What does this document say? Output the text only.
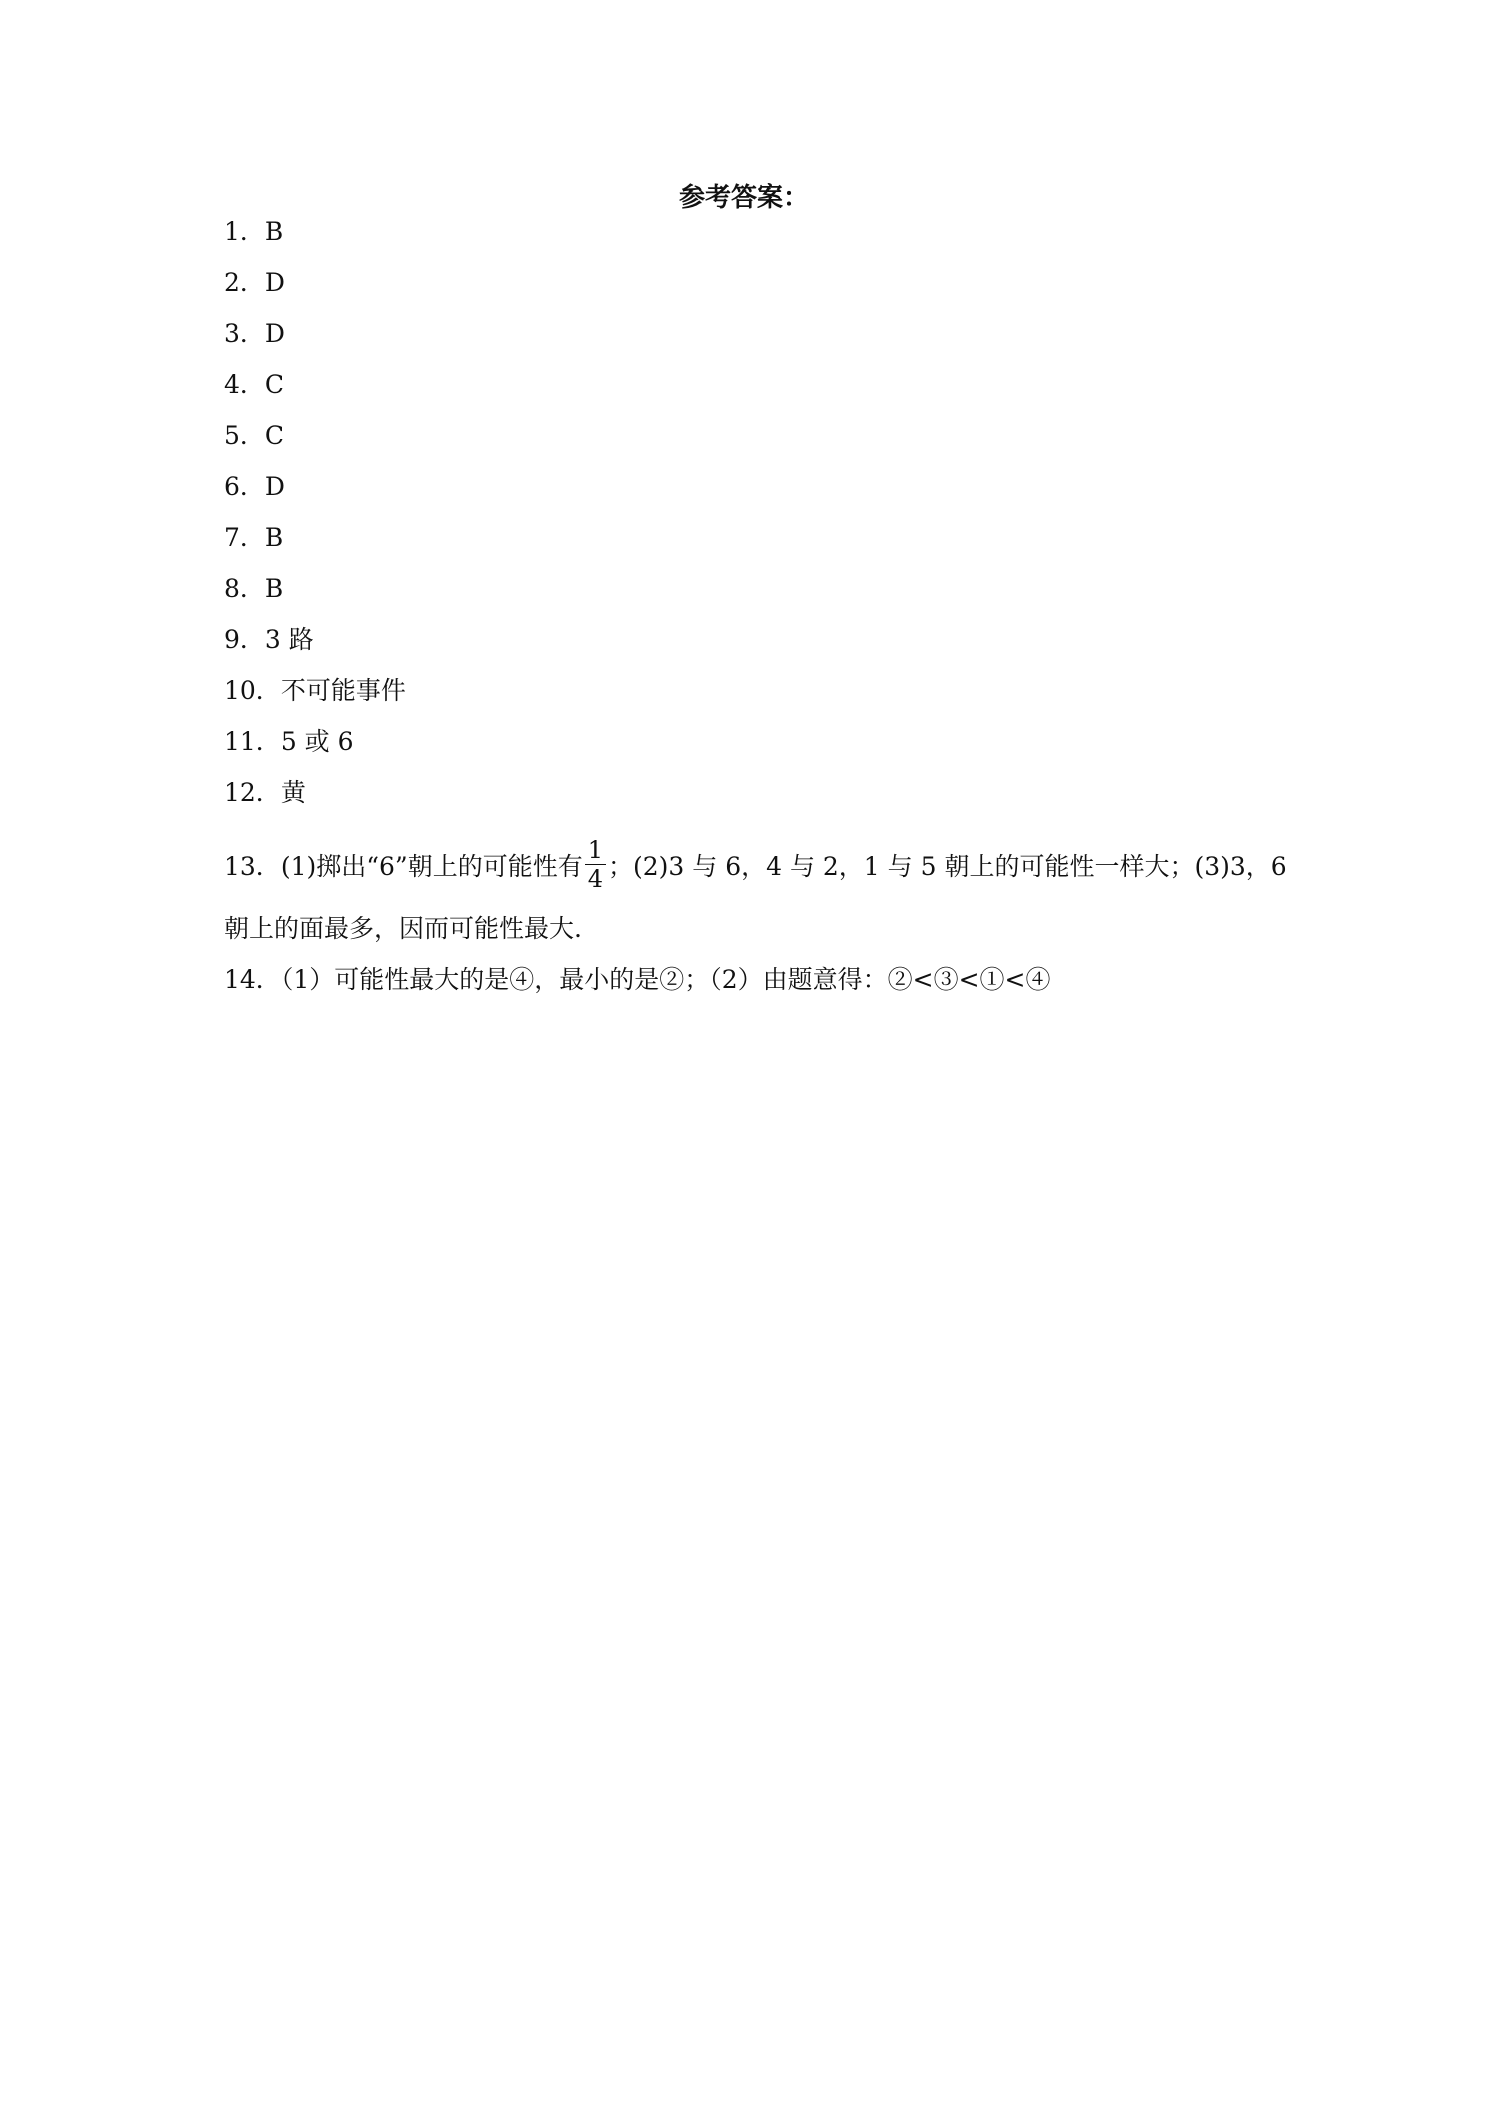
参考答案：
1．B
2．D
3．D
4．C
5．C
6．D
7．B
8．B
9．3 路
10．不可能事件
11．5 或 6
12．黄
13．(1)掷出“6”朝上的可能性有 $\frac{1}{4}$ ；(2)3 与 6，4 与 2，1 与 5 朝上的可能性一样大；(3)3，6
朝上的面最多，因而可能性最大.
14．（1）可能性最大的是④，最小的是②；（2）由题意得：②<③<①<④
